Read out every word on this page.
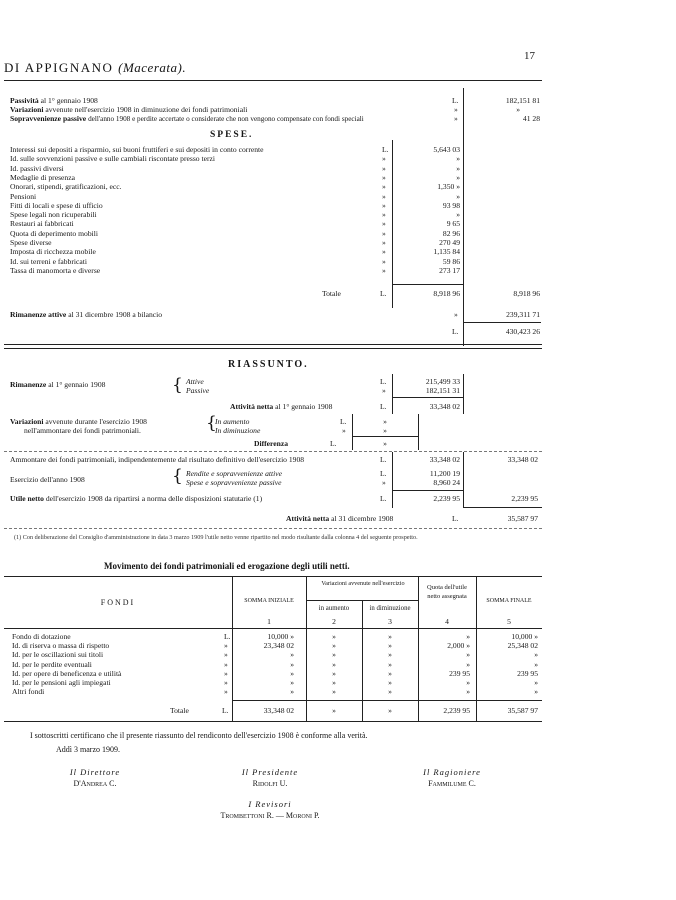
DI APPIGNANO (Macerata).
17
Passività al 1° gennaio 1908	L.	182,151 81
Variazioni avvenute nell'esercizio 1908 in diminuzione dei fondi patrimoniali	»	»
Sopravvenienze passive dell'anno 1908 e perdite accertate o considerate che non vengono compensate con fondi speciali	»	41 28
SPESE.
Interessi sui depositi a risparmio, sui buoni fruttiferi e sui depositi in conto corrente	L.	5,643 03
Id. sulle sovvenzioni passive e sulle cambiali riscontate presso terzi	»	»
Id. passivi diversi	»	»
Medaglie di presenza	»	»
Onorari, stipendi, gratificazioni, ecc.	»	1,350 »
Pensioni	»	»
Fitti di locali e spese di ufficio	»	93 98
Spese legali non ricuperabili	»	»
Restauri ai fabbricati	»	9 65
Quota di deperimento mobili	»	82 96
Spese diverse	»	270 49
Imposta di ricchezza mobile	»	1,135 84
Id. sui terreni e fabbricati	»	59 86
Tassa di manomorta e diverse	»	273 17
Totale	L.	8,918 96	8,918 96
Rimanenze attive al 31 dicembre 1908 a bilancio	»	239,311 71
L.	430,423 26
RIASSUNTO.
Rimanenze al 1° gennaio 1908	{ Attive	L.	215,499 33
Passive	»	182,151 31
Attività netta al 1° gennaio 1908	L.	33,348 02
Variazioni avvenute durante l'esercizio 1908
nell'ammontare dei fondi patrimoniali.	{
In aumento	L.	»
In diminuzione	»	»
Differenza	L.	»
Ammontare dei fondi patrimoniali, indipendentemente dal risultato definitivo dell'esercizio 1908	L.	33,348 02	33,348 02
Esercizio dell'anno 1908	{ Rendite e sopravvenienze attive	L.	11,200 19
Spese e sopravvenienze passive	»	8,960 24
Utile netto dell'esercizio 1908 da ripartirsi a norma delle disposizioni statutarie (1)	L.	2,239 95	2,239 95
Attività netta al 31 dicembre 1908	L.	35,587 97
(1) Con deliberazione del Consiglio d'amministrazione in data 3 marzo 1909 l'utile netto venne ripartito nel modo risultante dalla colonna 4 del seguente prospetto.
Movimento dei fondi patrimoniali ed erogazione degli utili netti.
FONDI	SOMMA INIZIALE
Variazioni avvenute nell'esercizio
in aumento	in diminuzione
Quota dell'utile netto assegnata
SOMMA FINALE
1	2	3	4	5
Fondo di dotazione	L.	10,000 »	»	»	»	10,000 »
Id. di riserva o massa di rispetto	»	23,348 02	»	»	2,000 »	25,348 02
Id. per le oscillazioni sui titoli	»	»	»	»	»	»
Id. per le perdite eventuali	»	»	»	»	»	»
Id. per opere di beneficenza e utilità	»	»	»	»	239 95	239 95
Id. per le pensioni agli impiegati	»	»	»	»	»	»
Altri fondi	»	»	»	»	»	»
Totale	L.	33,348 02	»	»	2,239 95	35,587 97
I sottoscritti certificano che il presente riassunto del rendiconto dell'esercizio 1908 è conforme alla verità.
Addì 3 marzo 1909.
Il Direttore
D'Andrea C.
Il Presidente
Ridolfi U.
Il Ragioniere
Fammilume C.
I Revisori
Trombettoni R. — Moroni P.
